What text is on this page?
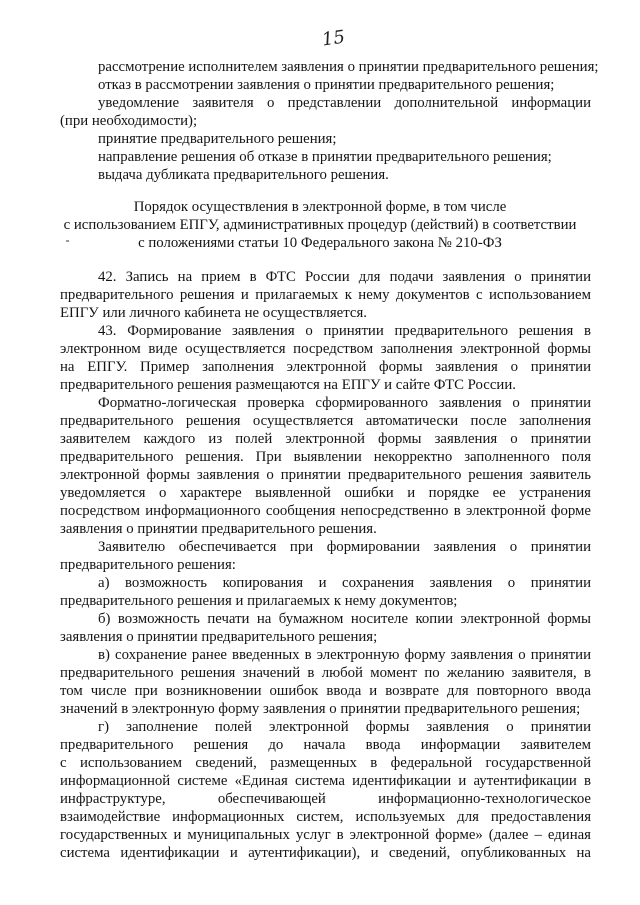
15
рассмотрение исполнителем заявления о принятии предварительного решения;
отказ в рассмотрении заявления о принятии предварительного решения;
уведомление заявителя о представлении дополнительной информации
(при необходимости);
принятие предварительного решения;
направление решения об отказе в принятии предварительного решения;
выдача дубликата предварительного решения.
Порядок осуществления в электронной форме, в том числе
с использованием ЕПГУ, административных процедур (действий) в соответствии
с положениями статьи 10 Федерального закона № 210-ФЗ
42. Запись на прием в ФТС России для подачи заявления о принятии
предварительного решения и прилагаемых к нему документов с использованием
ЕПГУ или личного кабинета не осуществляется.
43. Формирование заявления о принятии предварительного решения в
электронном виде осуществляется посредством заполнения электронной формы
на ЕПГУ. Пример заполнения электронной формы заявления о принятии
предварительного решения размещаются на ЕПГУ и сайте ФТС России.
Форматно-логическая проверка сформированного заявления о принятии
предварительного решения осуществляется автоматически после заполнения
заявителем каждого из полей электронной формы заявления о принятии
предварительного решения. При выявлении некорректно заполненного поля
электронной формы заявления о принятии предварительного решения заявитель
уведомляется о характере выявленной ошибки и порядке ее устранения
посредством информационного сообщения непосредственно в электронной форме
заявления о принятии предварительного решения.
Заявителю обеспечивается при формировании заявления о принятии
предварительного решения:
а) возможность копирования и сохранения заявления о принятии
предварительного решения и прилагаемых к нему документов;
б) возможность печати на бумажном носителе копии электронной формы
заявления о принятии предварительного решения;
в) сохранение ранее введенных в электронную форму заявления о принятии
предварительного решения значений в любой момент по желанию заявителя, в
том числе при возникновении ошибок ввода и возврате для повторного ввода
значений в электронную форму заявления о принятии предварительного решения;
г) заполнение полей электронной формы заявления о принятии
предварительного решения до начала ввода информации заявителем
с использованием сведений, размещенных в федеральной государственной
информационной системе «Единая система идентификации и аутентификации в
инфраструктуре, обеспечивающей информационно-технологическое
взаимодействие информационных систем, используемых для предоставления
государственных и муниципальных услуг в электронной форме» (далее – единая
система идентификации и аутентификации), и сведений, опубликованных на
